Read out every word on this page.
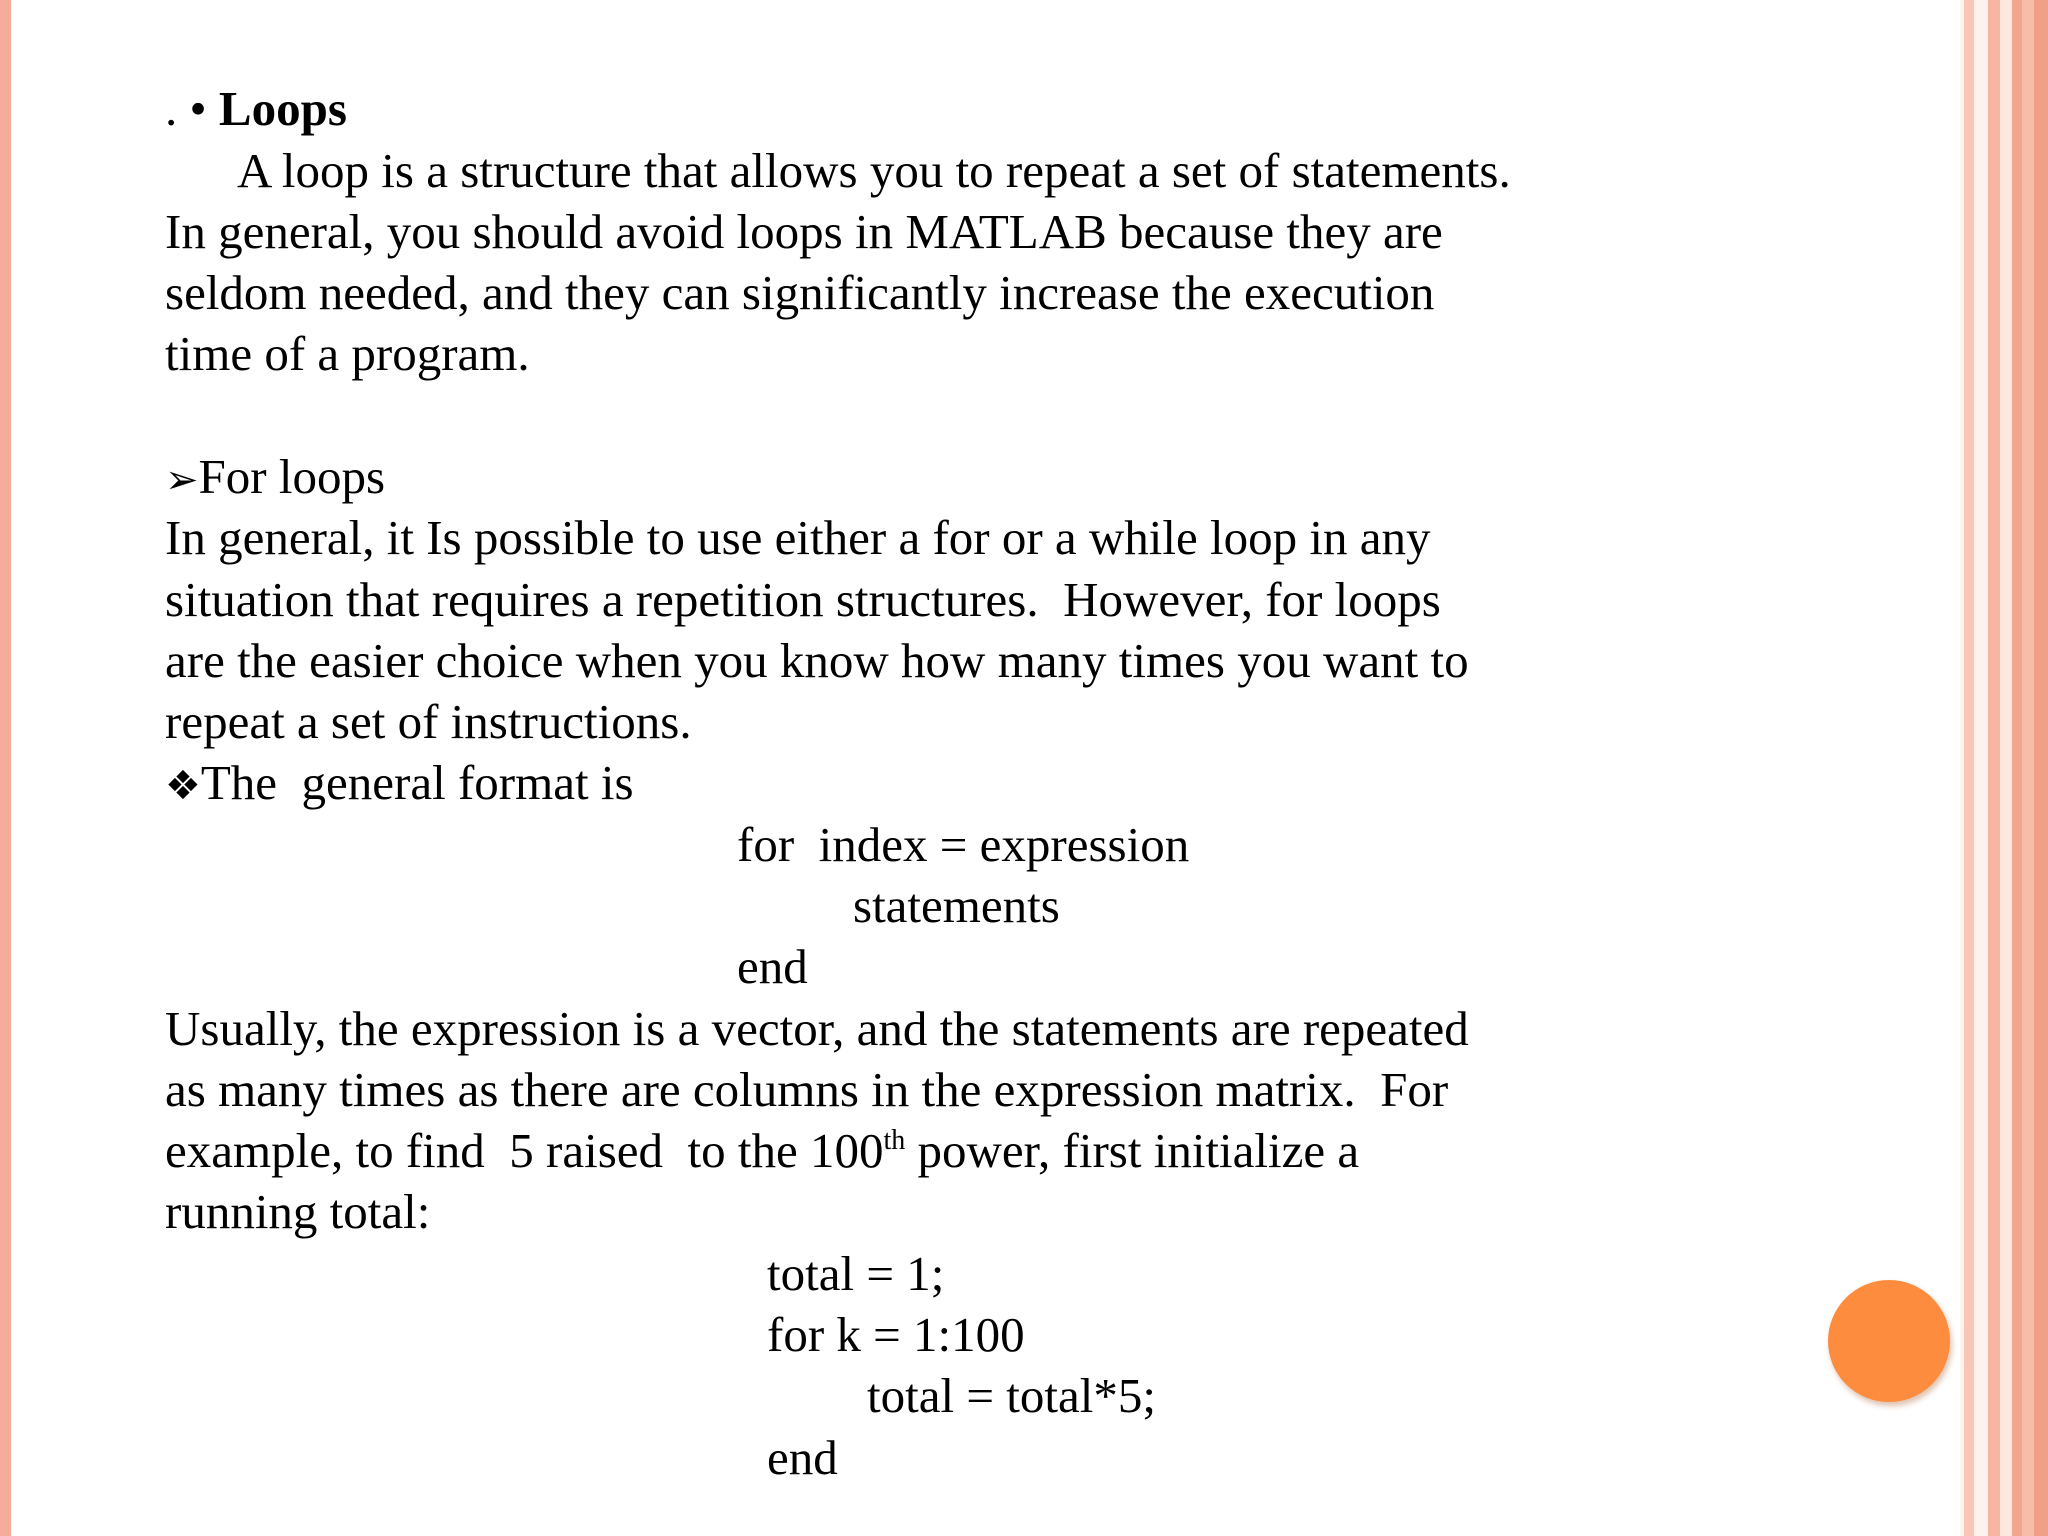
. • Loops
A loop is a structure that allows you to repeat a set of statements.
In general, you should avoid loops in MATLAB because they are
seldom needed, and they can significantly increase the execution
time of a program.
➢For loops
In general, it Is possible to use either a for or a while loop in any
situation that requires a repetition structures.  However, for loops
are the easier choice when you know how many times you want to
repeat a set of instructions.
❖The  general format is
for  index = expression
statements
end
Usually, the expression is a vector, and the statements are repeated
as many times as there are columns in the expression matrix.  For
example, to find  5 raised  to the 100th power, first initialize a
running total:
total = 1;
for k = 1:100
total = total*5;
end
